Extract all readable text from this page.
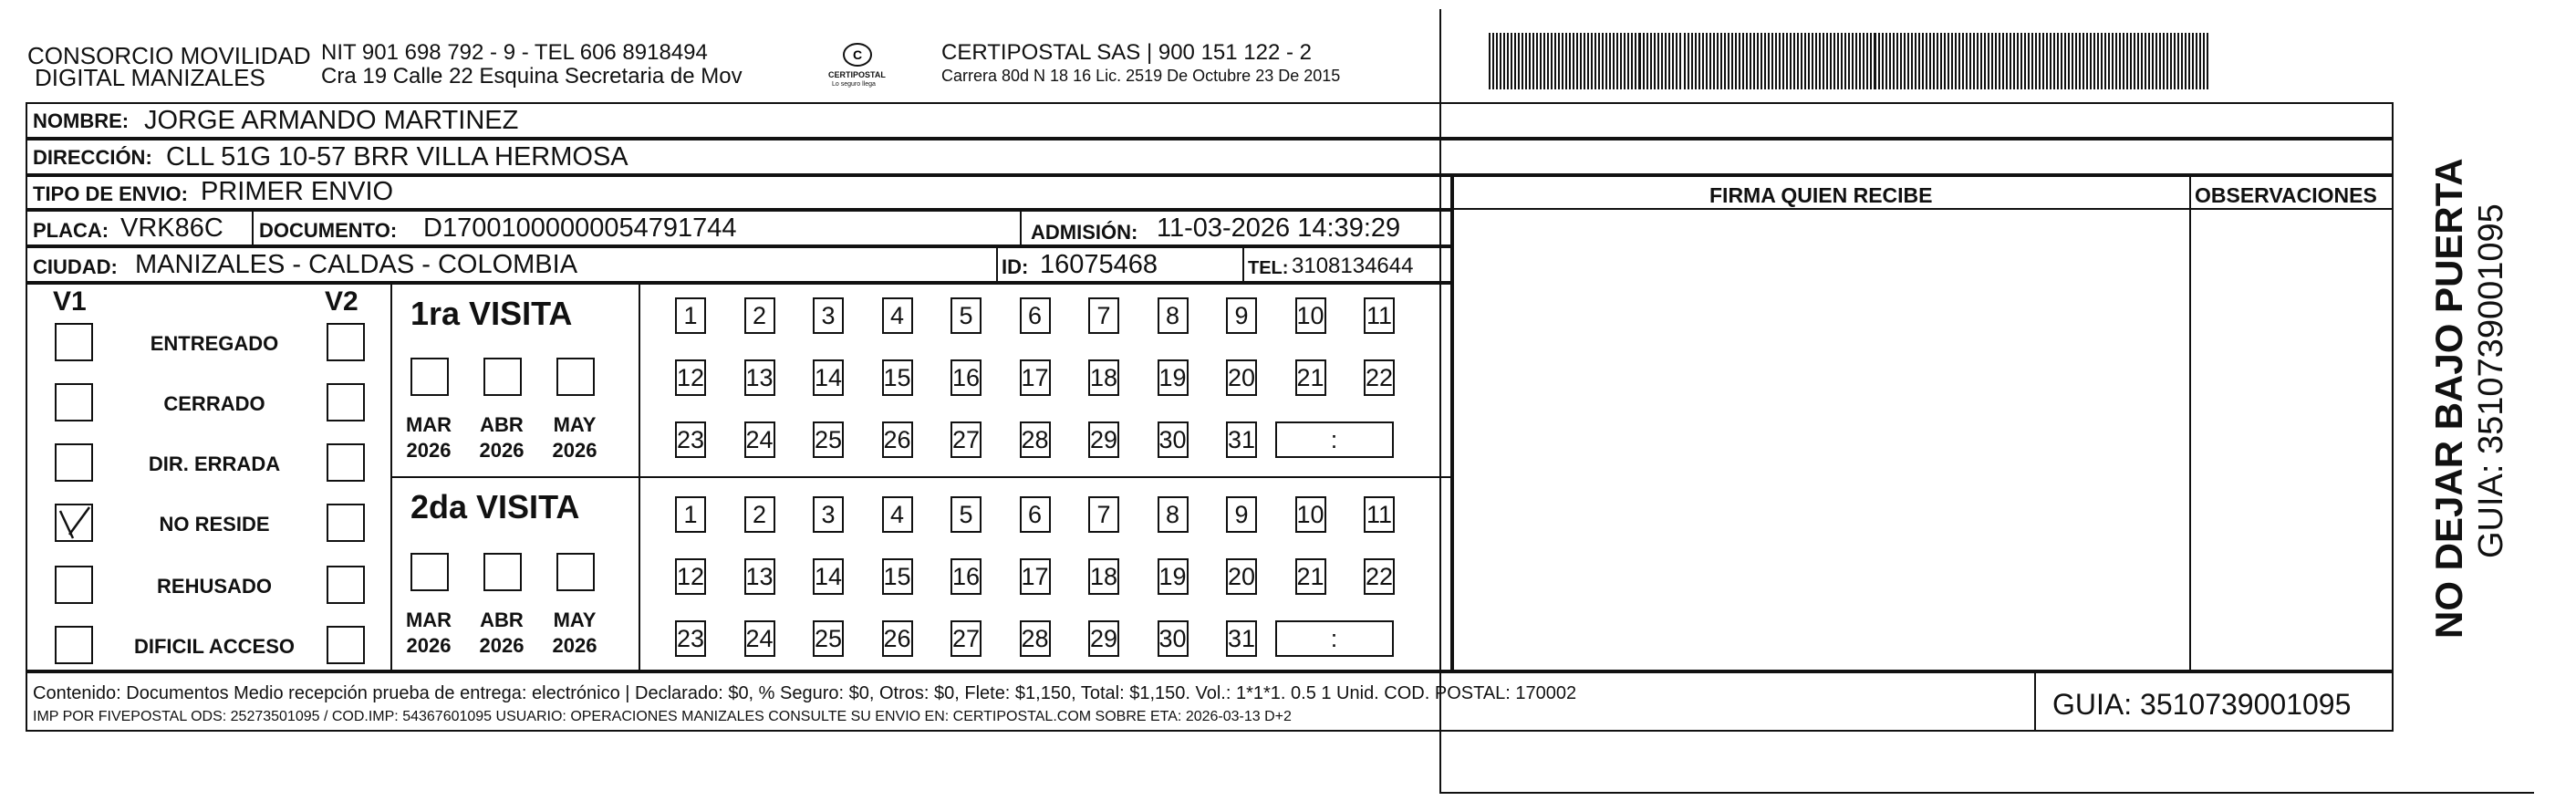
CONSORCIO MOVILIDAD
DIGITAL MANIZALES
NIT 901 698 792 - 9 - TEL 606 8918494
Cra 19 Calle 22 Esquina Secretaria de Mov
C
CERTIPOSTAL
Lo seguro llega
CERTIPOSTAL SAS | 900 151 122 - 2
Carrera 80d N 18 16 Lic. 2519 De Octubre 23 De 2015
NOMBRE: JORGE ARMANDO MARTINEZ
DIRECCIÓN: CLL 51G 10-57 BRR VILLA HERMOSA
TIPO DE ENVIO: PRIMER ENVIO
PLACA: VRK86C DOCUMENTO: D17001000000054791744	ADMISIÓN: 11-03-2026 14:39:29
CIUDAD: MANIZALES - CALDAS - COLOMBIA	ID: 16075468	TEL: 3108134644
FIRMA QUIEN RECIBE	OBSERVACIONES
V1	V2 1ra VISITA
2da VISITA
Contenido: Documentos Medio recepción prueba de entrega: electrónico | Declarado: $0, % Seguro: $0, Otros: $0, Flete: $1,150, Total: $1,150. Vol.: 1*1*1. 0.5 1 Unid. COD. POSTAL: 170002
IMP POR FIVEPOSTAL ODS: 25273501095 / COD.IMP: 54367601095 USUARIO: OPERACIONES MANIZALES CONSULTE SU ENVIO EN: CERTIPOSTAL.COM SOBRE ETA: 2026-03-13 D+2	GUIA: 3510739001095
NO DEJAR BAJO PUERTA GUIA: 3510739001095
ENTREGADO
CERRADO
DIR. ERRADA
NO RESIDE
REHUSADO
DIFICIL ACCESO
MAR
2026
ABR
2026
MAY
2026
MAR
2026
ABR
2026
MAY
2026
1	2	3	4	5	6	7	8	9	10 11
12 13 14 15 16 17 18 19 20 21 22
23 24 25 26 27 28 29 30 31	:
1	2	3	4	5	6	7	8	9	10 11
12 13 14 15 16 17 18 19 20 21 22
23 24 25 26 27 28 29 30 31	:
